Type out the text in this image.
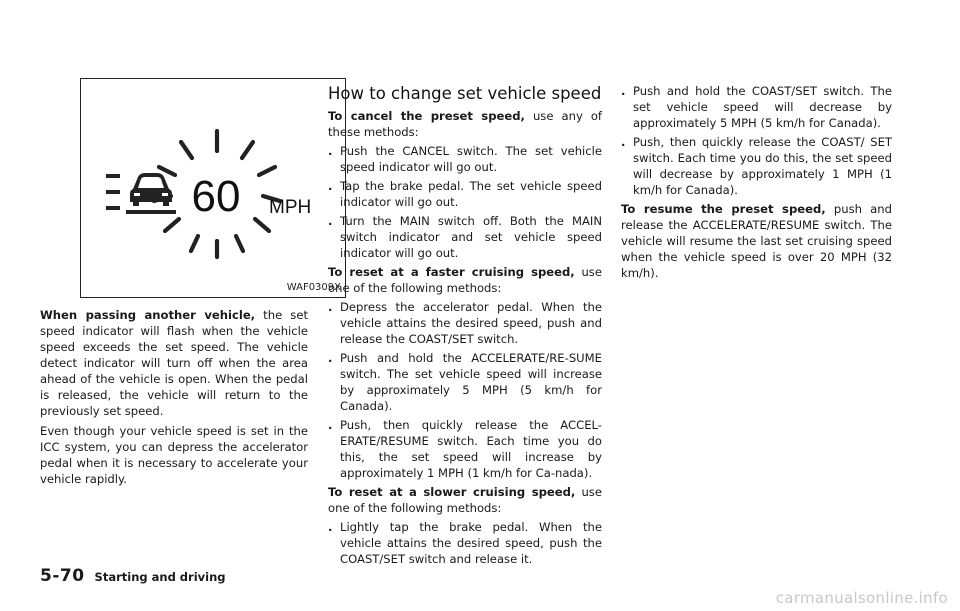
60 MPH
WAF0309X

When passing another vehicle, the set speed indicator will flash when the vehicle speed exceeds the set speed. The vehicle detect indicator will turn off when the area ahead of the vehicle is open. When the pedal is released, the vehicle will return to the previously set speed.

Even though your vehicle speed is set in the ICC system, you can depress the accelerator pedal when it is necessary to accelerate your vehicle rapidly.

How to change set vehicle speed

To cancel the preset speed, use any of these methods:

. Push the CANCEL switch. The set vehicle speed indicator will go out.
. Tap the brake pedal. The set vehicle speed indicator will go out.
. Turn the MAIN switch off. Both the MAIN switch indicator and set vehicle speed indicator will go out.

To reset at a faster cruising speed, use one of the following methods:

. Depress the accelerator pedal. When the vehicle attains the desired speed, push and release the COAST/SET switch.
. Push and hold the ACCELERATE/RE-SUME switch. The set vehicle speed will increase by approximately 5 MPH (5 km/h for Canada).
. Push, then quickly release the ACCEL-ERATE/RESUME switch. Each time you do this, the set speed will increase by approximately 1 MPH (1 km/h for Ca-nada).

To reset at a slower cruising speed, use one of the following methods:

. Lightly tap the brake pedal. When the vehicle attains the desired speed, push the COAST/SET switch and release it.
. Push and hold the COAST/SET switch. The set vehicle speed will decrease by approximately 5 MPH (5 km/h for Canada).
. Push, then quickly release the COAST/ SET switch. Each time you do this, the set speed will decrease by approximately 1 MPH (1 km/h for Canada).

To resume the preset speed, push and release the ACCELERATE/RESUME switch. The vehicle will resume the last set cruising speed when the vehicle speed is over 20 MPH (32 km/h).

5-70 Starting and driving
carmanualsonline.info
